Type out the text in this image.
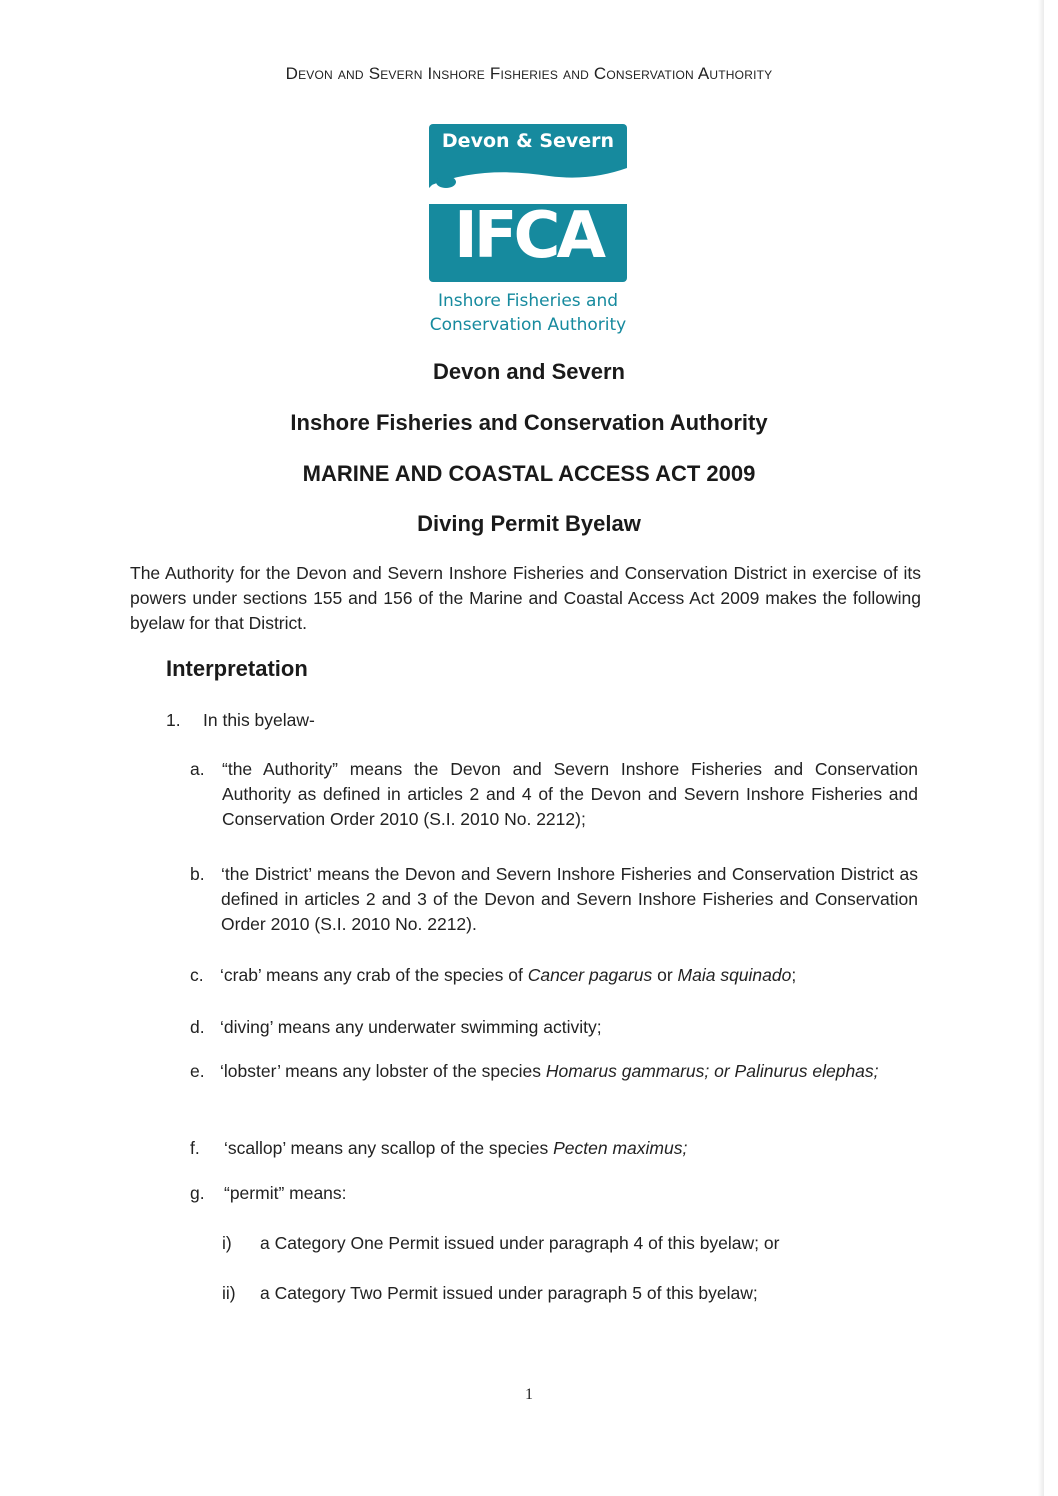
Devon and Severn Inshore Fisheries and Conservation Authority
Devon & Severn
IFCA
Inshore Fisheries and
Conservation Authority
Devon and Severn
Inshore Fisheries and Conservation Authority
MARINE AND COASTAL ACCESS ACT 2009
Diving Permit Byelaw
The Authority for the Devon and Severn Inshore Fisheries and Conservation District in exercise of its powers under sections 155 and 156 of the Marine and Coastal Access Act 2009 makes the following byelaw for that District.
Interpretation
1. In this byelaw-
a. “the Authority” means the Devon and Severn Inshore Fisheries and Conservation Authority as defined in articles 2 and 4 of the Devon and Severn Inshore Fisheries and Conservation Order 2010 (S.I. 2010 No. 2212);
b. ‘the District’ means the Devon and Severn Inshore Fisheries and Conservation District as defined in articles 2 and 3 of the Devon and Severn Inshore Fisheries and Conservation Order 2010 (S.I. 2010 No. 2212).
c. ‘crab’ means any crab of the species of Cancer pagarus or Maia squinado;
d. ‘diving’ means any underwater swimming activity;
e. ‘lobster’ means any lobster of the species Homarus gammarus; or Palinurus elephas;
f. ‘scallop’ means any scallop of the species Pecten maximus;
g. “permit” means:
i) a Category One Permit issued under paragraph 4 of this byelaw; or
ii) a Category Two Permit issued under paragraph 5 of this byelaw;
1
